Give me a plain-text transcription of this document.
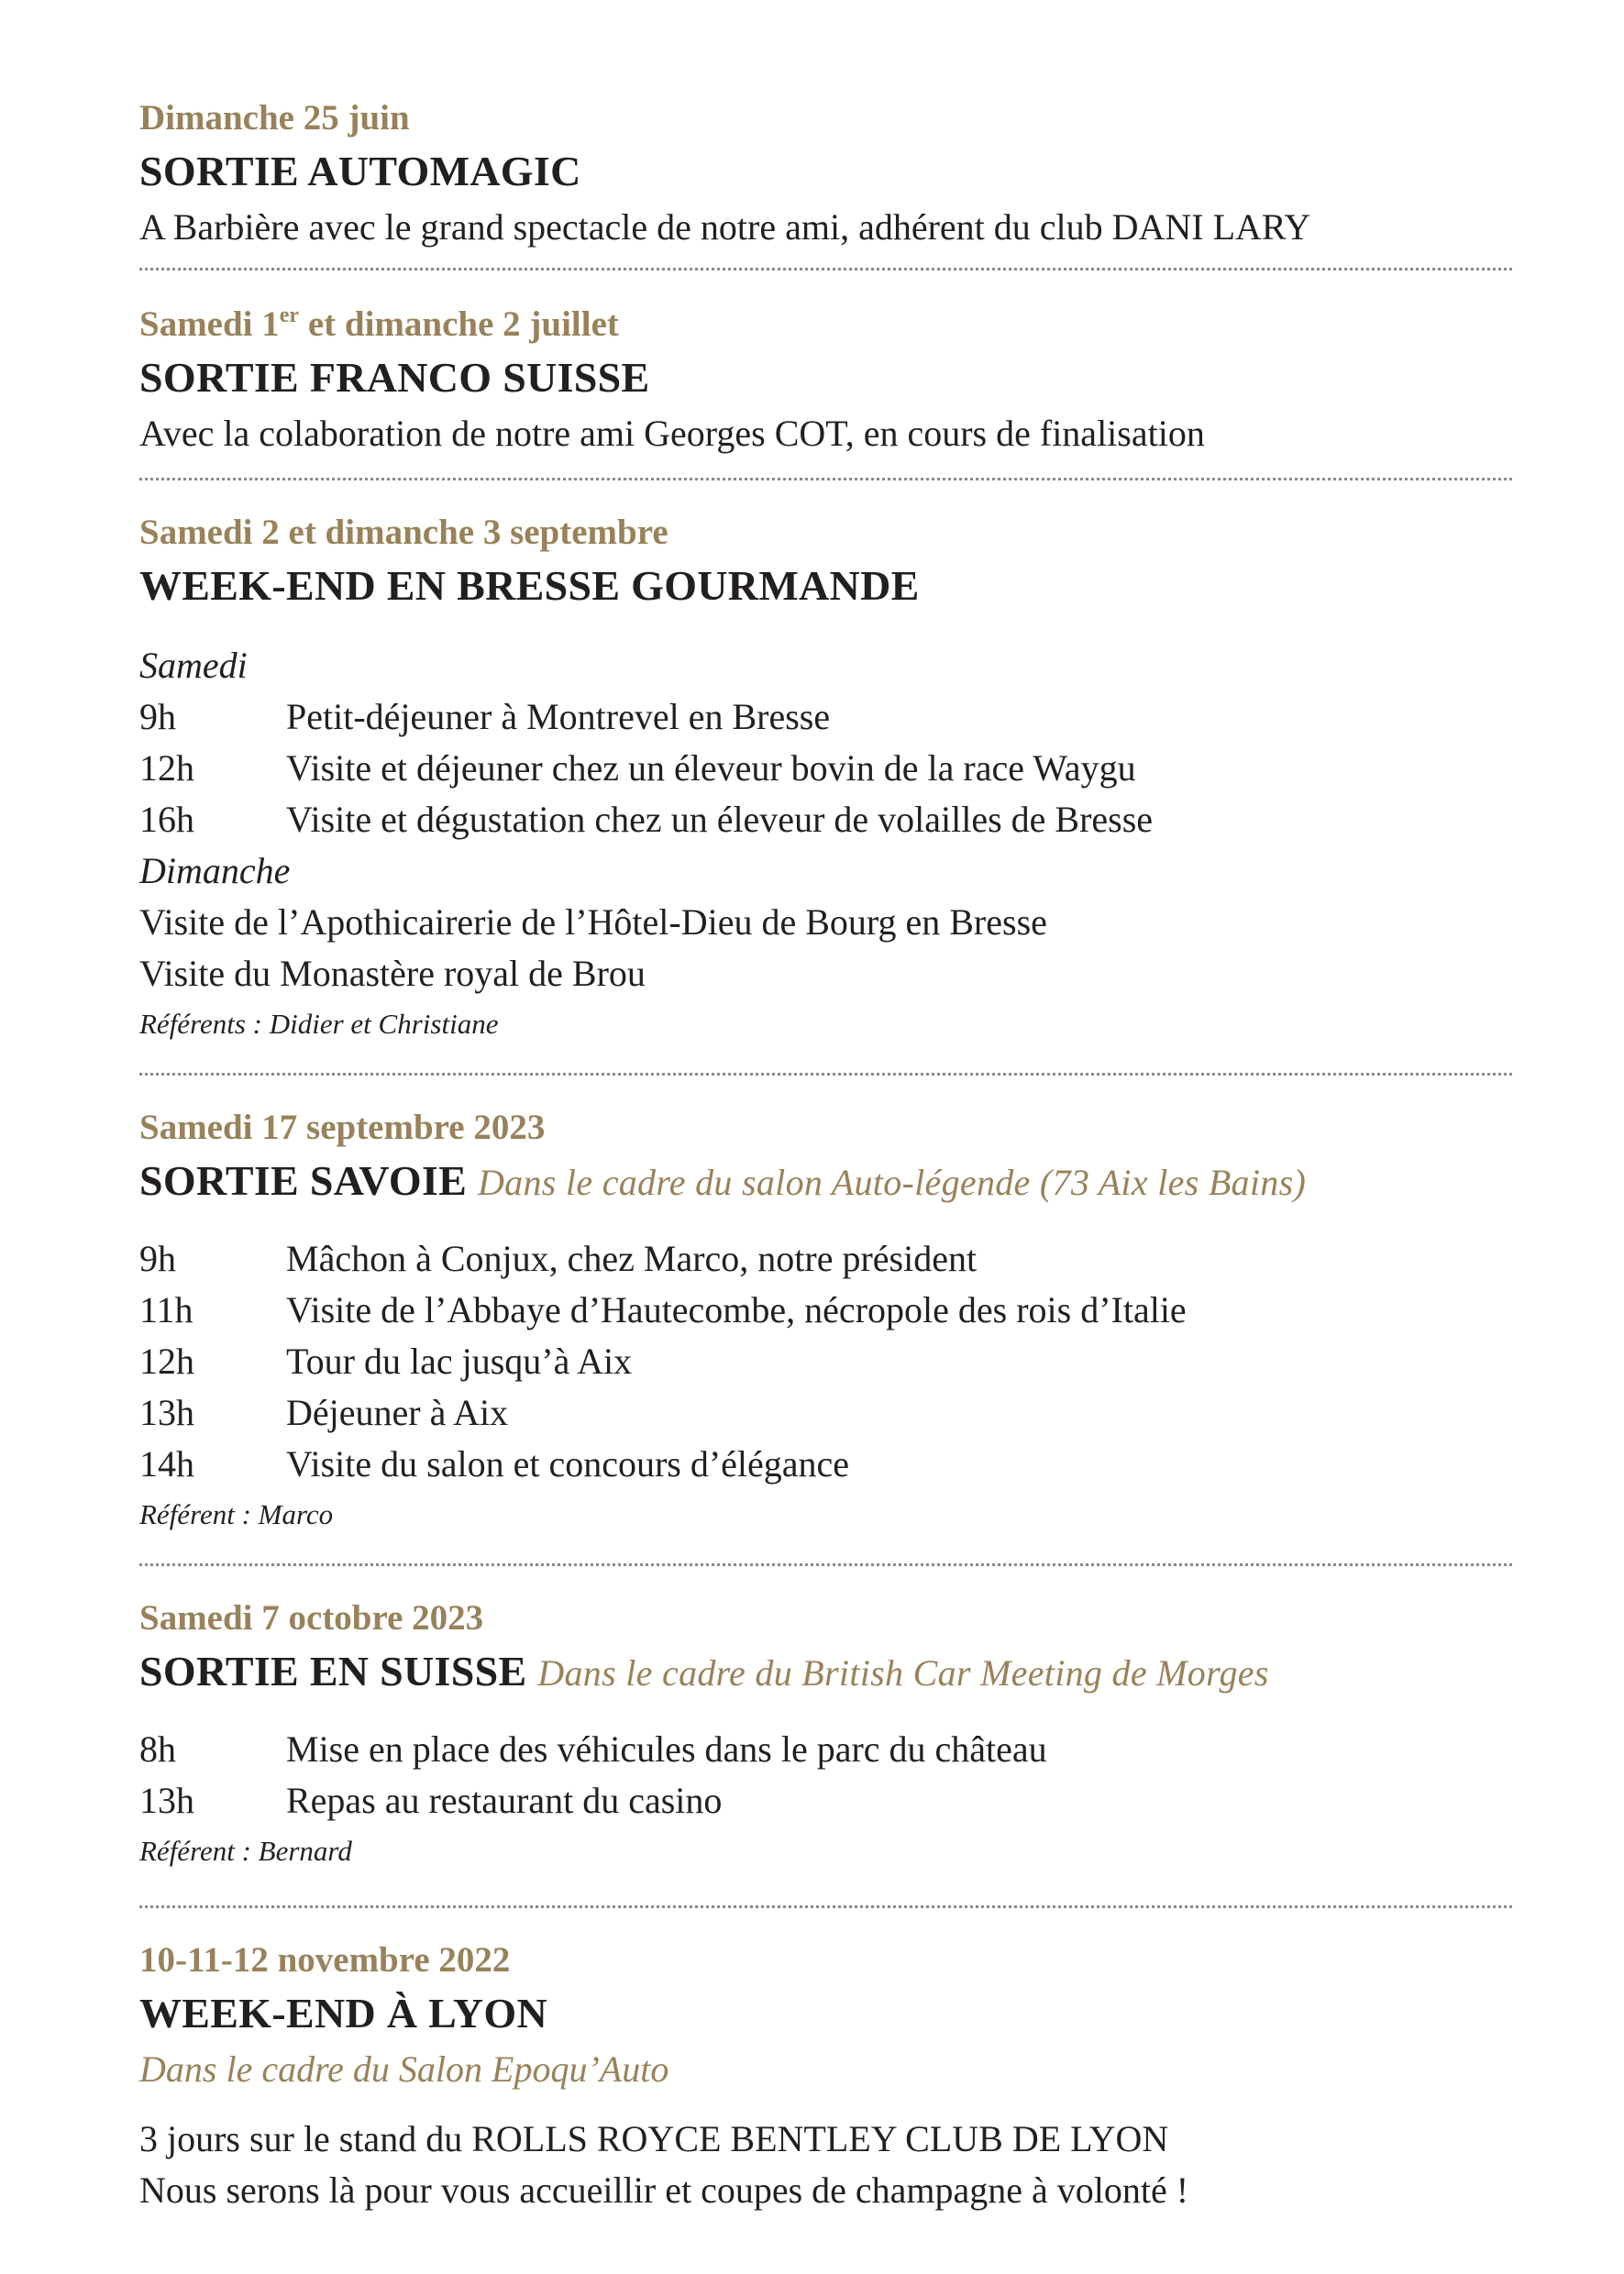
Dimanche 25 juin
SORTIE AUTOMAGIC
A Barbière avec le grand spectacle de notre ami, adhérent du club DANI LARY
Samedi 1er et dimanche 2 juillet
SORTIE FRANCO SUISSE
Avec la colaboration de notre ami Georges COT, en cours de finalisation
Samedi 2 et dimanche 3 septembre
WEEK-END EN BRESSE GOURMANDE
Samedi
9h	Petit-déjeuner à Montrevel en Bresse
12h	Visite et déjeuner chez un éleveur bovin de la race Waygu
16h	Visite et dégustation chez un éleveur de volailles de Bresse
Dimanche
Visite de l’Apothicairerie de l’Hôtel-Dieu de Bourg en Bresse
Visite du Monastère royal de Brou
Référents : Didier et Christiane
Samedi 17 septembre 2023
SORTIE SAVOIE Dans le cadre du salon Auto-légende (73 Aix les Bains)
9h	Mâchon à Conjux, chez Marco, notre président
11h	Visite de l’Abbaye d’Hautecombe, nécropole des rois d’Italie
12h	Tour du lac jusqu’à Aix
13h	Déjeuner à Aix
14h	Visite du salon et concours d’élégance
Référent : Marco
Samedi 7 octobre 2023
SORTIE EN SUISSE Dans le cadre du British Car Meeting de Morges
8h	Mise en place des véhicules dans le parc du château
13h	Repas au restaurant du casino
Référent : Bernard
10-11-12 novembre 2022
WEEK-END À LYON
Dans le cadre du Salon Epoqu’Auto
3 jours sur le stand du ROLLS ROYCE BENTLEY CLUB DE LYON
Nous serons là pour vous accueillir et coupes de champagne à volonté !
